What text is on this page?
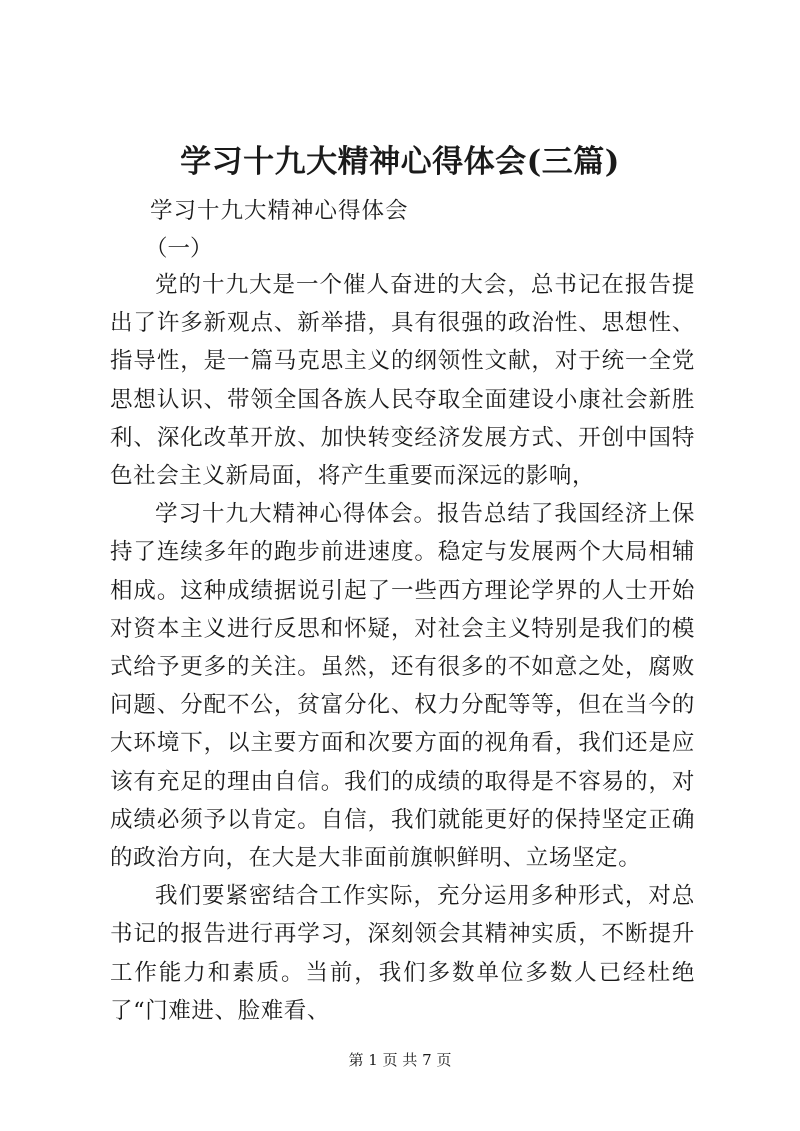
学习十九大精神心得体会(三篇)
学习十九大精神心得体会
（一）

党的十九大是一个催人奋进的大会，总书记在报告提出了许多新观点、新举措，具有很强的政治性、思想性、指导性，是一篇马克思主义的纲领性文献，对于统一全党思想认识、带领全国各族人民夺取全面建设小康社会新胜利、深化改革开放、加快转变经济发展方式、开创中国特色社会主义新局面，将产生重要而深远的影响，

学习十九大精神心得体会。报告总结了我国经济上保持了连续多年的跑步前进速度。稳定与发展两个大局相辅相成。这种成绩据说引起了一些西方理论学界的人士开始对资本主义进行反思和怀疑，对社会主义特别是我们的模式给予更多的关注。虽然，还有很多的不如意之处，腐败问题、分配不公，贫富分化、权力分配等等，但在当今的大环境下，以主要方面和次要方面的视角看，我们还是应该有充足的理由自信。我们的成绩的取得是不容易的，对成绩必须予以肯定。自信，我们就能更好的保持坚定正确的政治方向，在大是大非面前旗帜鲜明、立场坚定。

我们要紧密结合工作实际，充分运用多种形式，对总书记的报告进行再学习，深刻领会其精神实质，不断提升工作能力和素质。当前，我们多数单位多数人已经杜绝了“门难进、脸难看、

第 1 页 共 7 页
